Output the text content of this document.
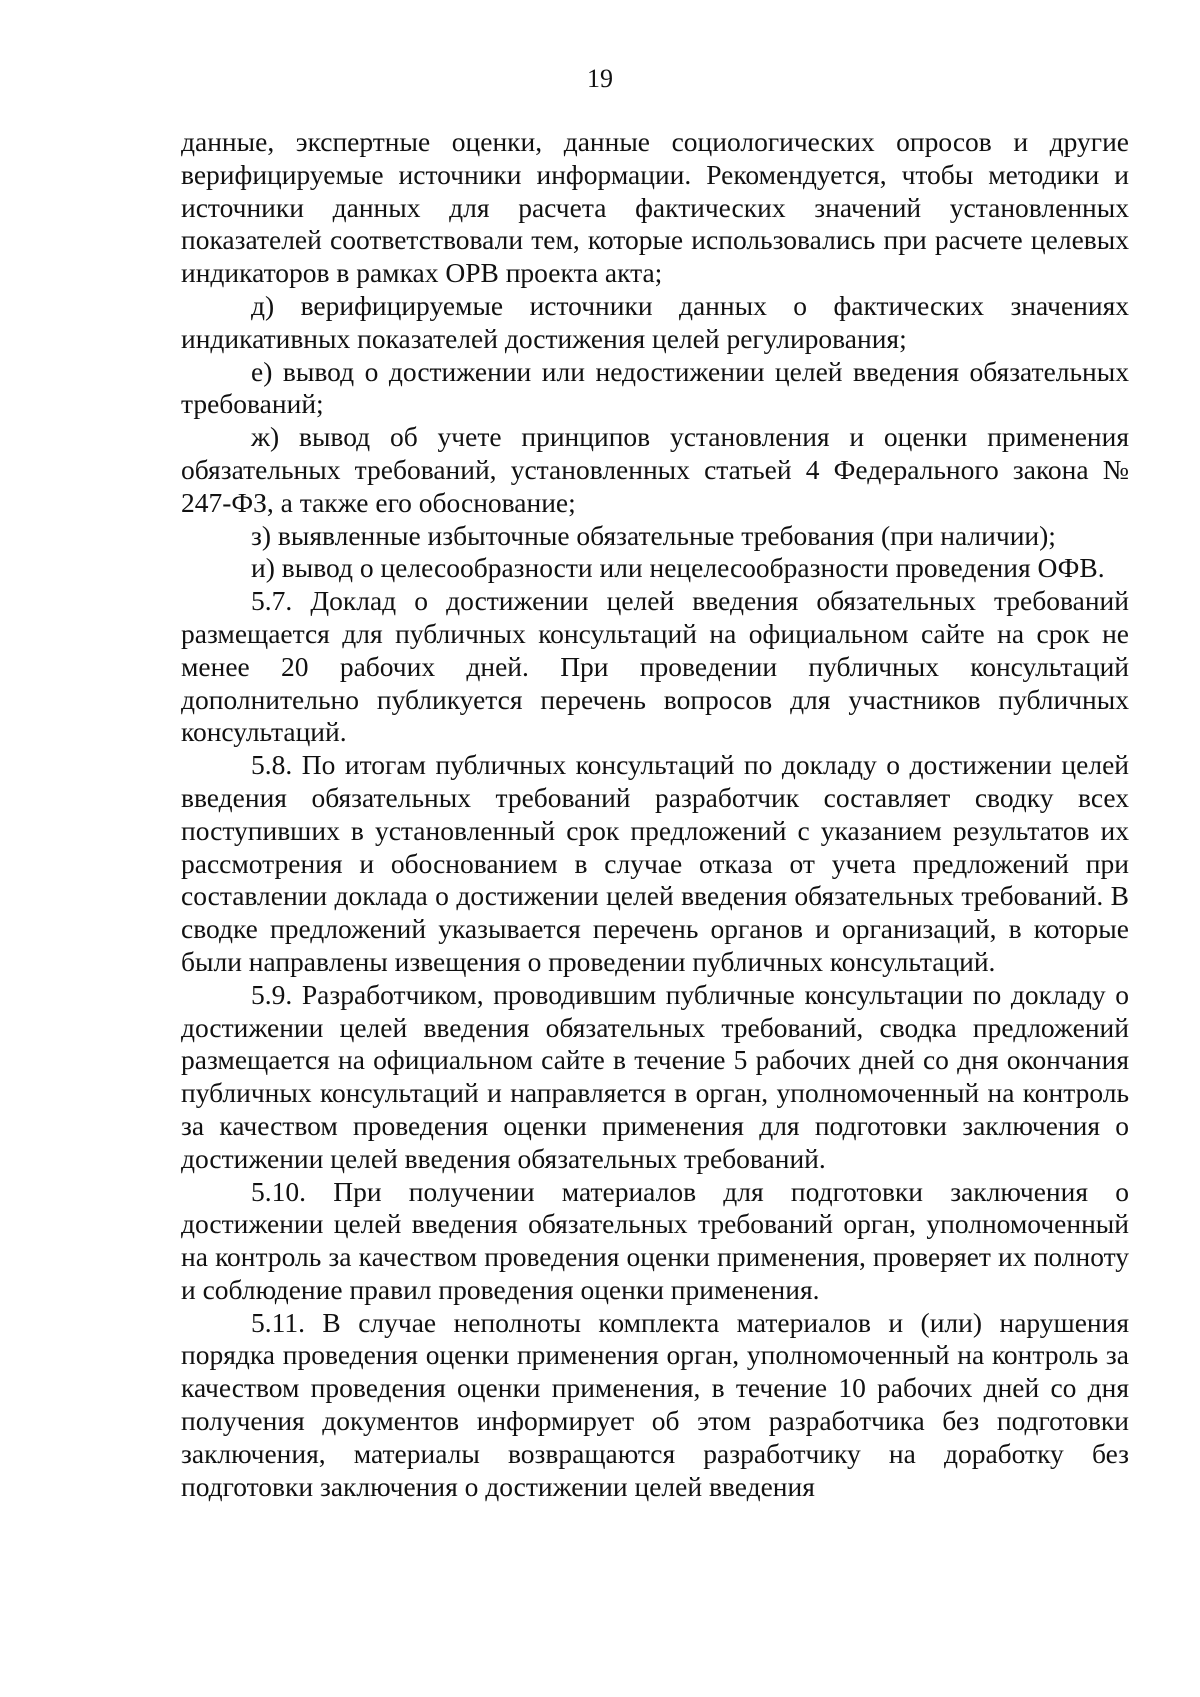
19

данные, экспертные оценки, данные социологических опросов и другие верифицируемые источники информации. Рекомендуется, чтобы методики и источники данных для расчета фактических значений установленных показателей соответствовали тем, которые использовались при расчете целевых индикаторов в рамках ОРВ проекта акта;

д) верифицируемые источники данных о фактических значениях индикативных показателей достижения целей регулирования;

е) вывод о достижении или недостижении целей введения обязательных требований;

ж) вывод об учете принципов установления и оценки применения обязательных требований, установленных статьей 4 Федерального закона № 247-ФЗ, а также его обоснование;

з) выявленные избыточные обязательные требования (при наличии);

и) вывод о целесообразности или нецелесообразности проведения ОФВ.

5.7. Доклад о достижении целей введения обязательных требований размещается для публичных консультаций на официальном сайте на срок не менее 20 рабочих дней. При проведении публичных консультаций дополнительно публикуется перечень вопросов для участников публичных консультаций.

5.8. По итогам публичных консультаций по докладу о достижении целей введения обязательных требований разработчик составляет сводку всех поступивших в установленный срок предложений с указанием результатов их рассмотрения и обоснованием в случае отказа от учета предложений при составлении доклада о достижении целей введения обязательных требований. В сводке предложений указывается перечень органов и организаций, в которые были направлены извещения о проведении публичных консультаций.

5.9. Разработчиком, проводившим публичные консультации по докладу о достижении целей введения обязательных требований, сводка предложений размещается на официальном сайте в течение 5 рабочих дней со дня окончания публичных консультаций и направляется в орган, уполномоченный на контроль за качеством проведения оценки применения для подготовки заключения о достижении целей введения обязательных требований.

5.10. При получении материалов для подготовки заключения о достижении целей введения обязательных требований орган, уполномоченный на контроль за качеством проведения оценки применения, проверяет их полноту и соблюдение правил проведения оценки применения.

5.11. В случае неполноты комплекта материалов и (или) нарушения порядка проведения оценки применения орган, уполномоченный на контроль за качеством проведения оценки применения, в течение 10 рабочих дней со дня получения документов информирует об этом разработчика без подготовки заключения, материалы возвращаются разработчику на доработку без подготовки заключения о достижении целей введения
